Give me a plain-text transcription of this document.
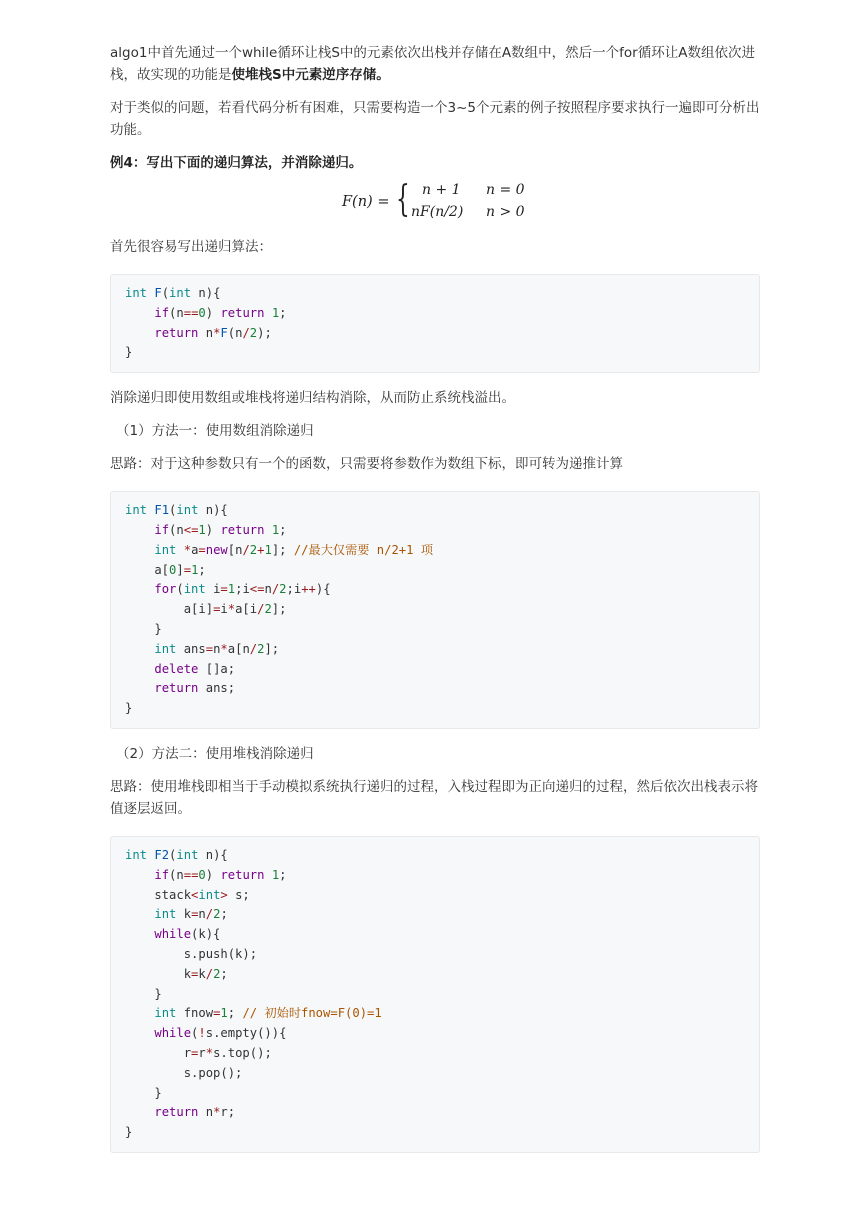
algo1中首先通过一个while循环让栈S中的元素依次出栈并存储在A数组中，然后一个for循环让A数组依次进栈，故实现的功能是使堆栈S中元素逆序存储。

对于类似的问题，若看代码分析有困难，只需要构造一个3~5个元素的例子按照程序要求执行一遍即可分析出功能。

例4：写出下面的递归算法，并消除递归。

F(n) = { n + 1 n = 0
nF(n/2) n > 0

首先很容易写出递归算法：

int F(int n){
if(n==0) return 1;
return n*F(n/2);
}

消除递归即使用数组或堆栈将递归结构消除，从而防止系统栈溢出。

（1）方法一：使用数组消除递归

思路：对于这种参数只有一个的函数，只需要将参数作为数组下标，即可转为递推计算

int F1(int n){
if(n<=1) return 1;
int *a=new[n/2+1]; //最大仅需要 n/2+1 项
a[0]=1;
for(int i=1;i<=n/2;i++){
a[i]=i*a[i/2];
}
int ans=n*a[n/2];
delete []a;
return ans;
}

（2）方法二：使用堆栈消除递归

思路：使用堆栈即相当于手动模拟系统执行递归的过程，入栈过程即为正向递归的过程，然后依次出栈表示将值逐层返回。

int F2(int n){
if(n==0) return 1;
stack<int> s;
int k=n/2;
while(k){
s.push(k);
k=k/2;
}
int fnow=1; // 初始时fnow=F(0)=1
while(!s.empty()){
r=r*s.top();
s.pop();
}
return n*r;
}
